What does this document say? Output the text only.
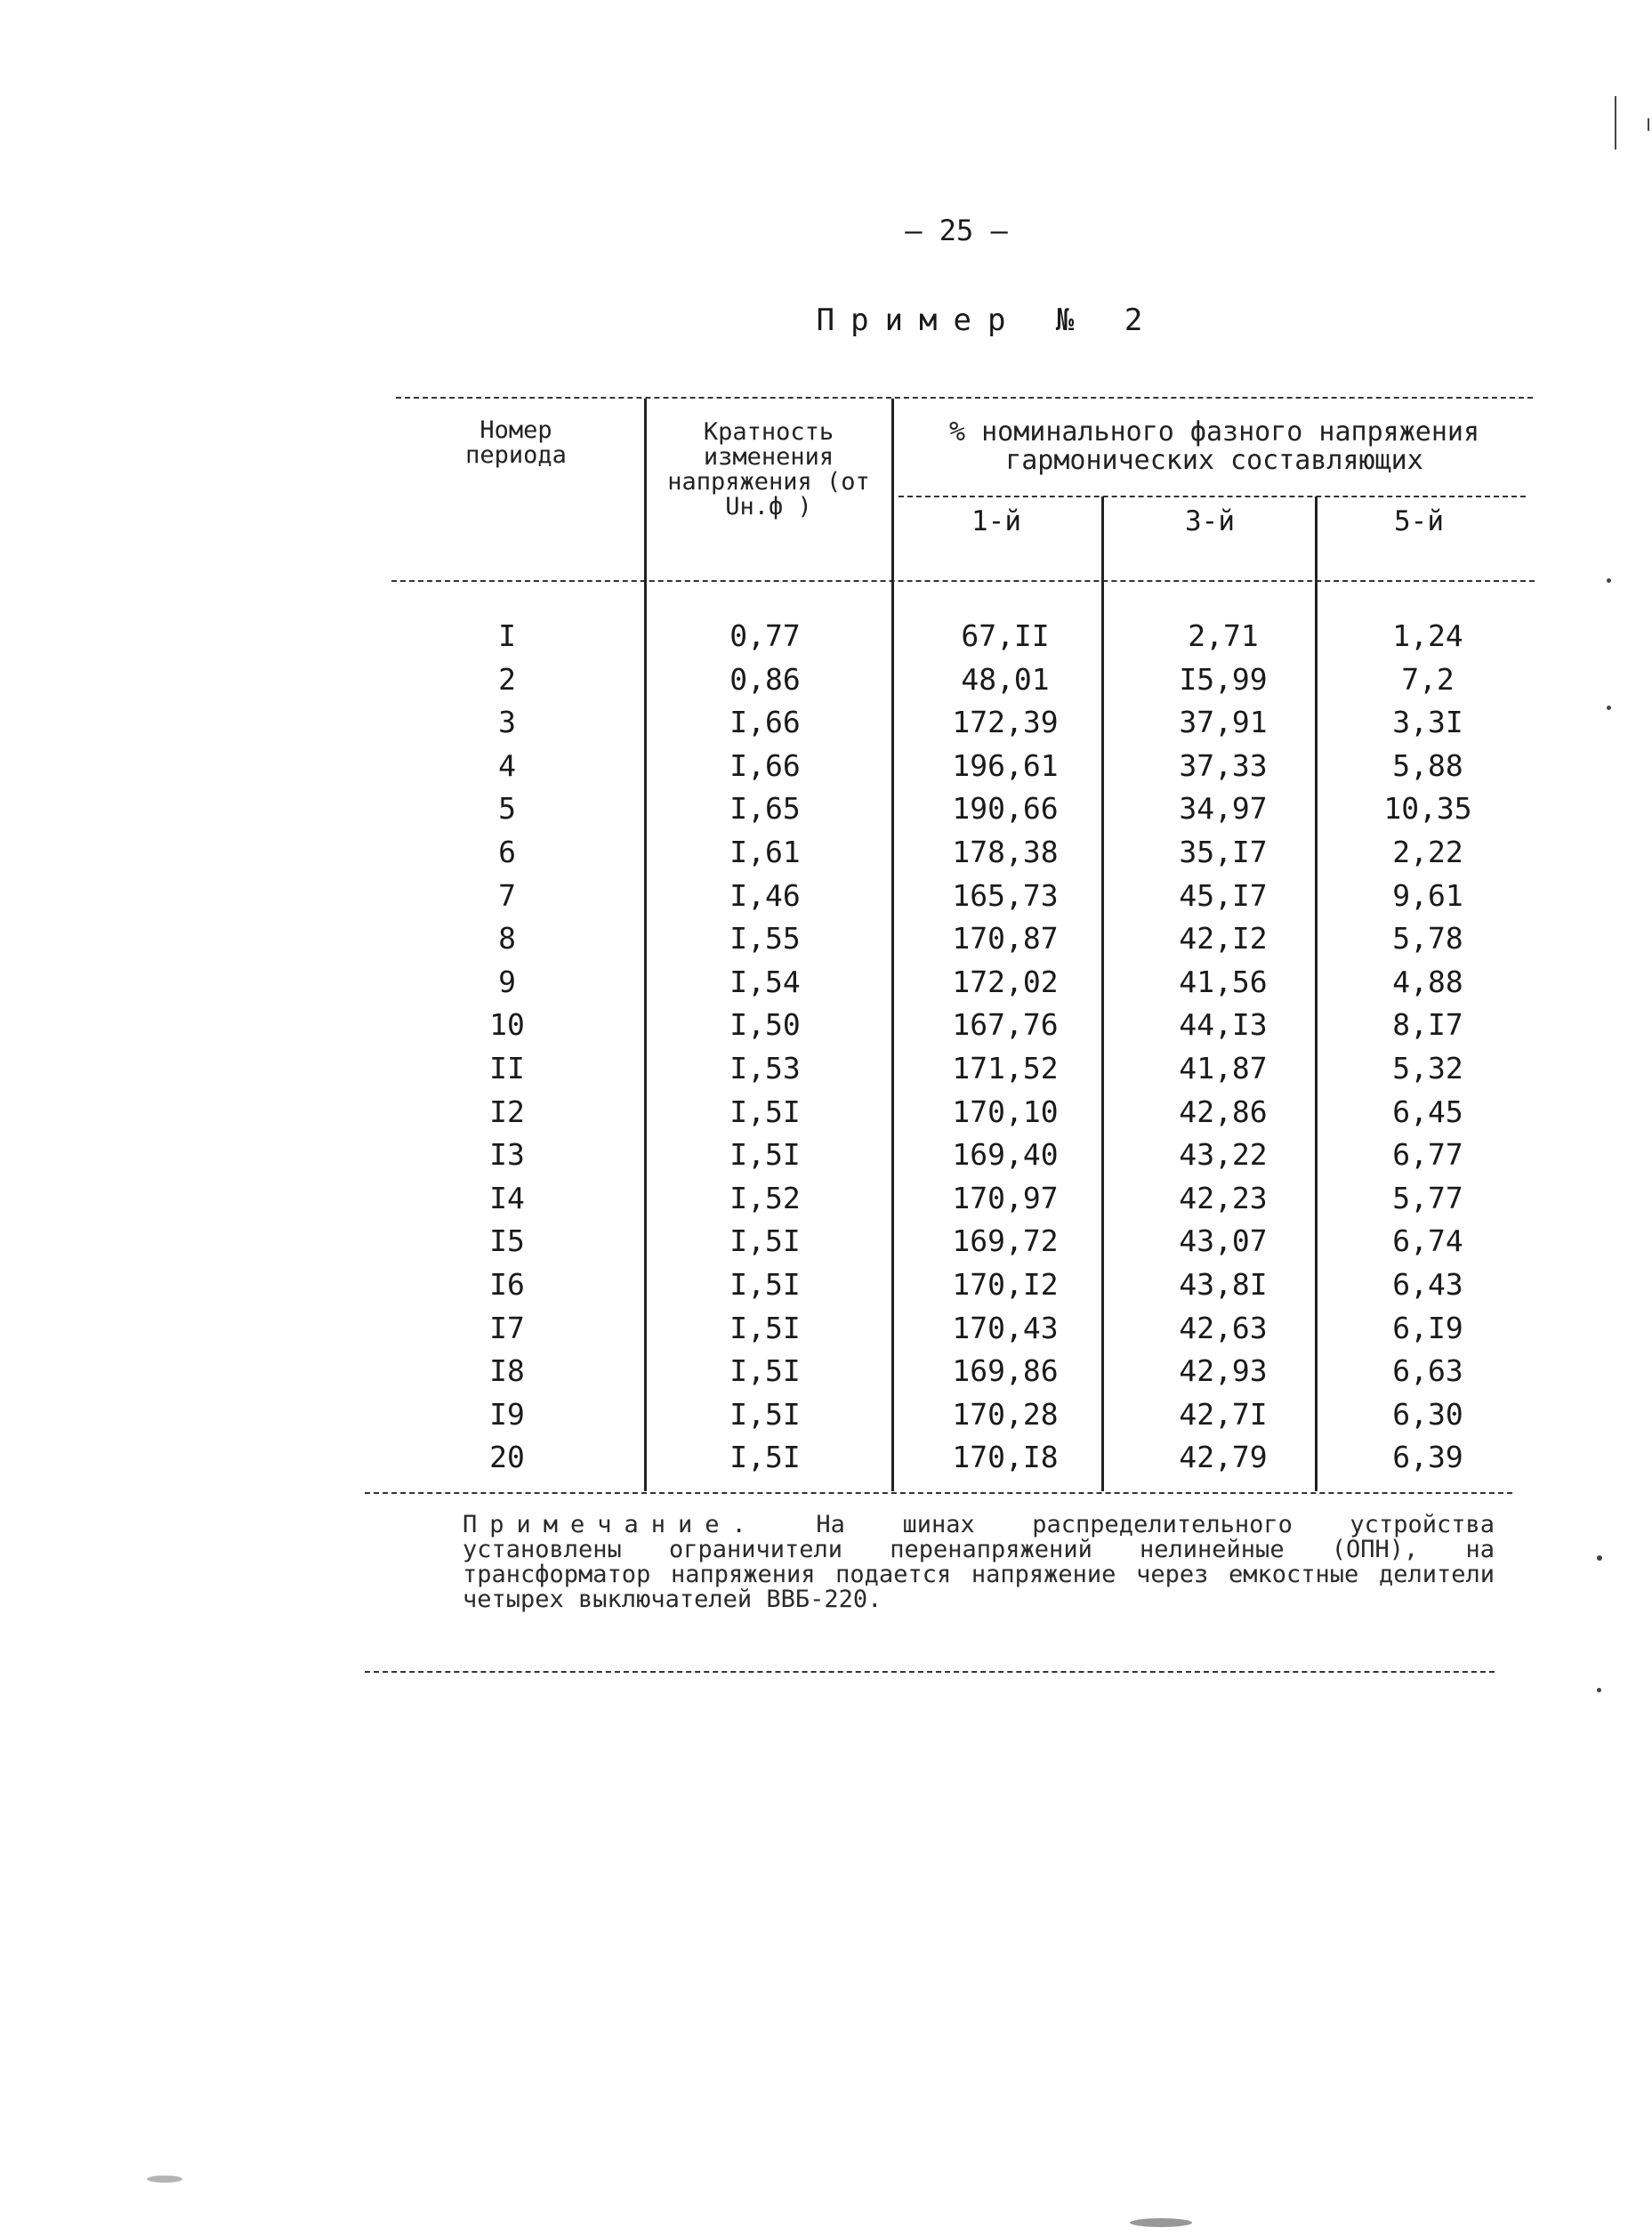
– 25 –
Пример № 2
Номер периода
Кратность изменения напряжения (от Uн.ф )
% номинального фазного напряжения гармонических составляющих
1-й	3-й	5-й
I	0,77	67,II	2,71	1,24
2	0,86	48,01	I5,99	7,2
3	I,66	172,39	37,91	3,3I
4	I,66	196,61	37,33	5,88
5	I,65	190,66	34,97	10,35
6	I,61	178,38	35,I7	2,22
7	I,46	165,73	45,I7	9,61
8	I,55	170,87	42,I2	5,78
9	I,54	172,02	41,56	4,88
10	I,50	167,76	44,I3	8,I7
II	I,53	171,52	41,87	5,32
I2	I,5I	170,10	42,86	6,45
I3	I,5I	169,40	43,22	6,77
I4	I,52	170,97	42,23	5,77
I5	I,5I	169,72	43,07	6,74
I6	I,5I	170,I2	43,8I	6,43
I7	I,5I	170,43	42,63	6,I9
I8	I,5I	169,86	42,93	6,63
I9	I,5I	170,28	42,7I	6,30
20	I,5I	170,I8	42,79	6,39
Примечание. На шинах распределительного устройства установлены ограничители перенапряжений нелинейные (ОПН), на трансформатор напряжения подается напряжение через емкостные делители четырех выключателей ВВБ-220.
